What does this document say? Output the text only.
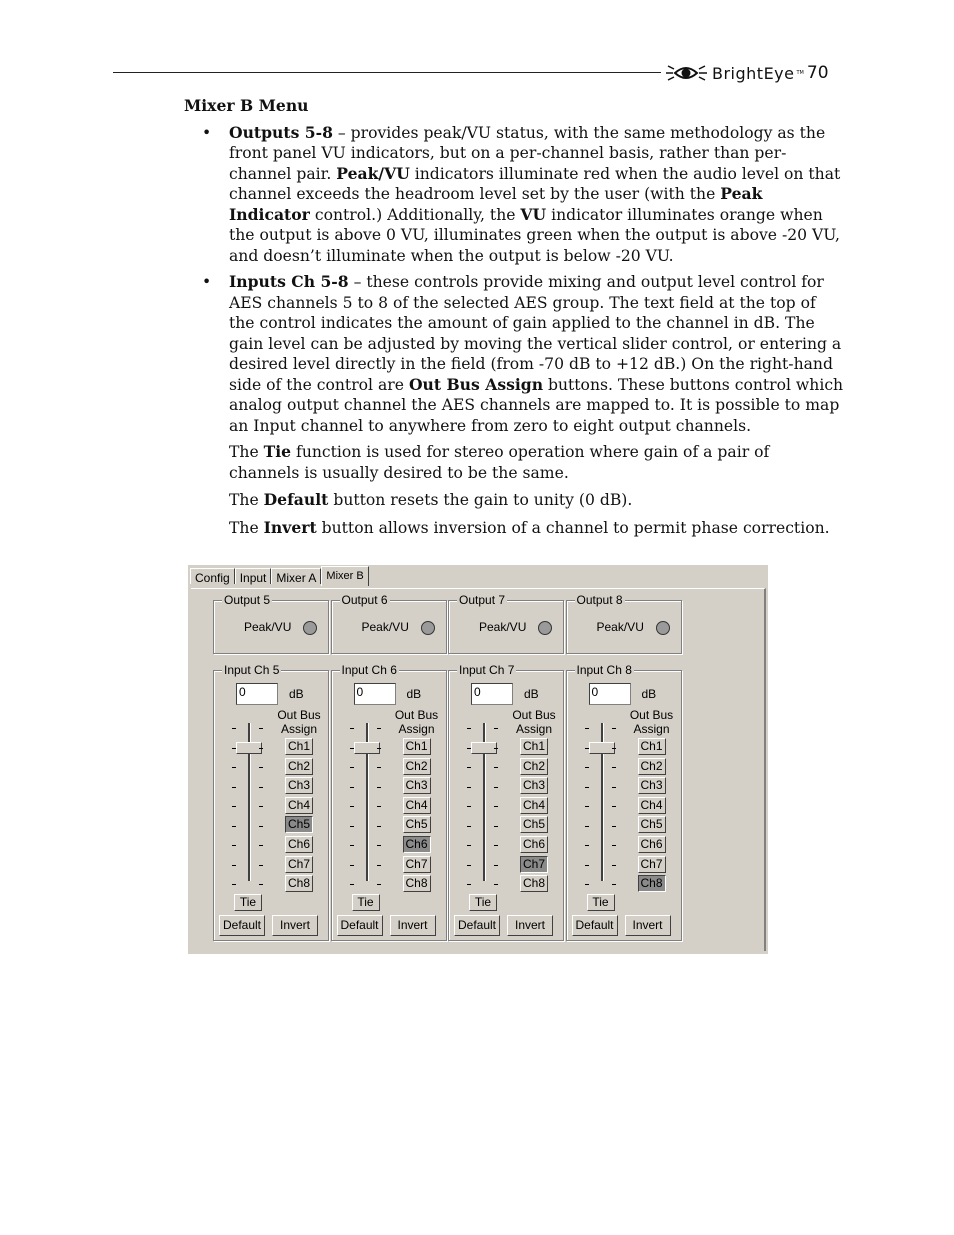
BrightEye TM 70
Mixer B Menu
• Outputs 5-8 – provides peak/VU status, with the same methodology as the front panel VU indicators, but on a per-channel basis, rather than per-channel pair. Peak/VU indicators illuminate red when the audio level on that channel exceeds the headroom level set by the user (with the Peak Indicator control.) Additionally, the VU indicator illuminates orange when the output is above 0 VU, illuminates green when the output is above -20 VU, and doesn’t illuminate when the output is below -20 VU.
• Inputs Ch 5-8 – these controls provide mixing and output level control for AES channels 5 to 8 of the selected AES group. The text field at the top of the control indicates the amount of gain applied to the channel in dB. The gain level can be adjusted by moving the vertical slider control, or entering a desired level directly in the field (from -70 dB to +12 dB.) On the right-hand side of the control are Out Bus Assign buttons. These buttons control which analog output channel the AES channels are mapped to. It is possible to map an Input channel to anywhere from zero to eight output channels.

The Tie function is used for stereo operation where gain of a pair of channels is usually desired to be the same.

The Default button resets the gain to unity (0 dB).

The Invert button allows inversion of a channel to permit phase correction.

Config Input Mixer A Mixer B
Output 5
Peak/VU
Input Ch 5
0	dB
Out Bus
Assign
Ch1
Ch2
Ch3
Ch4
Ch5
Ch6
Ch7
Ch8
Tie
Default	Invert
Output 6
Peak/VU
Input Ch 6
0	dB
Out Bus
Assign
Ch1
Ch2
Ch3
Ch4
Ch5
Ch6
Ch7
Ch8
Tie
Default	Invert
Output 7
Peak/VU
Input Ch 7
0	dB
Out Bus
Assign
Ch1
Ch2
Ch3
Ch4
Ch5
Ch6
Ch7
Ch8
Tie
Default	Invert
Output 8
Peak/VU
Input Ch 8
0	dB
Out Bus
Assign
Ch1
Ch2
Ch3
Ch4
Ch5
Ch6
Ch7
Ch8
Tie
Default	Invert
